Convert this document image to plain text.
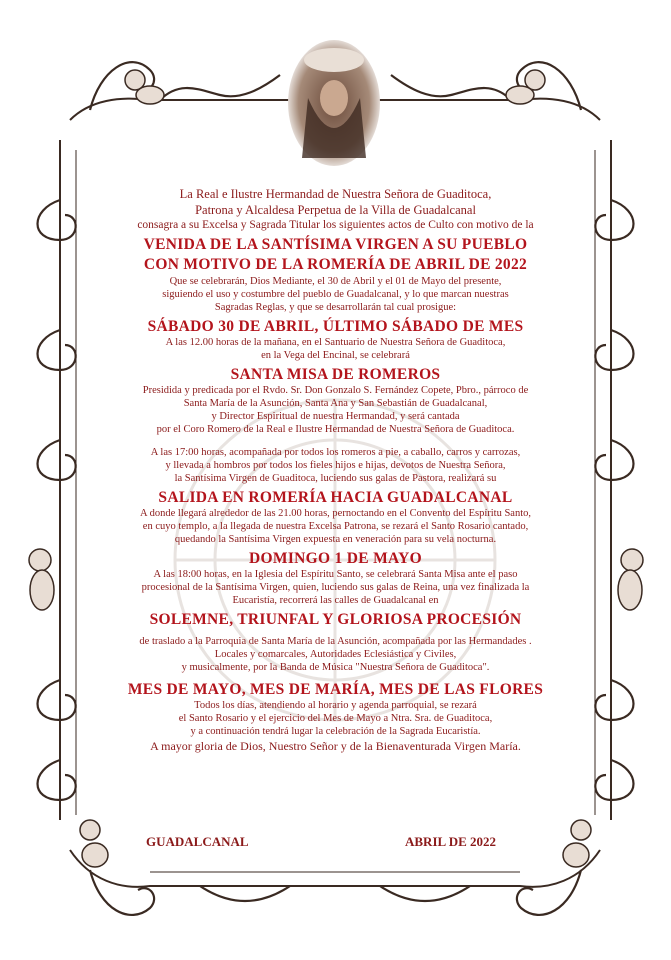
La Real e Ilustre Hermandad de Nuestra Señora de Guaditoca,

Patrona y Alcaldesa Perpetua de la Villa de Guadalcanal

consagra a su Excelsa y Sagrada Titular los siguientes actos de Culto con motivo de la

VENIDA DE LA SANTÍSIMA VIRGEN A SU PUEBLO

CON MOTIVO DE LA ROMERÍA DE ABRIL DE 2022

Que se celebrarán, Dios Mediante, el 30 de Abril y el 01 de Mayo del presente,

siguiendo el uso y costumbre del pueblo de Guadalcanal, y lo que marcan nuestras

Sagradas Reglas, y que se desarrollarán tal cual prosigue:

SÁBADO 30 DE ABRIL, ÚLTIMO SÁBADO DE MES

A las 12.00 horas de la mañana, en el Santuario de Nuestra Señora de Guaditoca,

en la Vega del Encinal, se celebrará

SANTA MISA DE ROMEROS

Presidida y predicada por el Rvdo. Sr. Don Gonzalo S. Fernández Copete, Pbro., párroco de

Santa María de la Asunción, Santa Ana y San Sebastián de Guadalcanal,

y Director Espiritual de nuestra Hermandad, y será cantada

por el Coro Romero de la Real e Ilustre Hermandad de Nuestra Señora de Guaditoca.

A las 17:00 horas, acompañada por todos los romeros a pie, a caballo, carros y carrozas,

y llevada a hombros por todos los fieles hijos e hijas, devotos de Nuestra Señora,

la Santísima Virgen de Guaditoca, luciendo sus galas de Pastora, realizará su

SALIDA EN ROMERÍA HACIA GUADALCANAL

A donde llegará alrededor de las 21.00 horas, pernoctando en el Convento del Espíritu Santo,

en cuyo templo, a la llegada de nuestra Excelsa Patrona, se rezará el Santo Rosario cantado,

quedando la Santísima Virgen expuesta en veneración para su vela nocturna.

DOMINGO 1 DE MAYO

A las 18:00 horas, en la Iglesia del Espíritu Santo, se celebrará Santa Misa ante el paso

procesional de la Santísima Virgen, quien, luciendo sus galas de Reina, una vez finalizada la

Eucaristía, recorrerá las calles de Guadalcanal en

SOLEMNE, TRIUNFAL Y GLORIOSA PROCESIÓN

de traslado a la Parroquia de Santa María de la Asunción, acompañada por las Hermandades .

Locales y comarcales, Autoridades Eclesiástica y Civiles,

y musicalmente, por la Banda de Música "Nuestra Señora de Guaditoca".

MES DE MAYO, MES DE MARÍA, MES DE LAS FLORES

Todos los días, atendiendo al horario y agenda parroquial, se rezará

el Santo Rosario y el ejercicio del Mes de Mayo a Ntra. Sra. de Guaditoca,

y a continuación tendrá lugar la celebración de la Sagrada Eucaristía.

A mayor gloria de Dios, Nuestro Señor y de la Bienaventurada Virgen María.

GUADALCANAL	ABRIL DE 2022
